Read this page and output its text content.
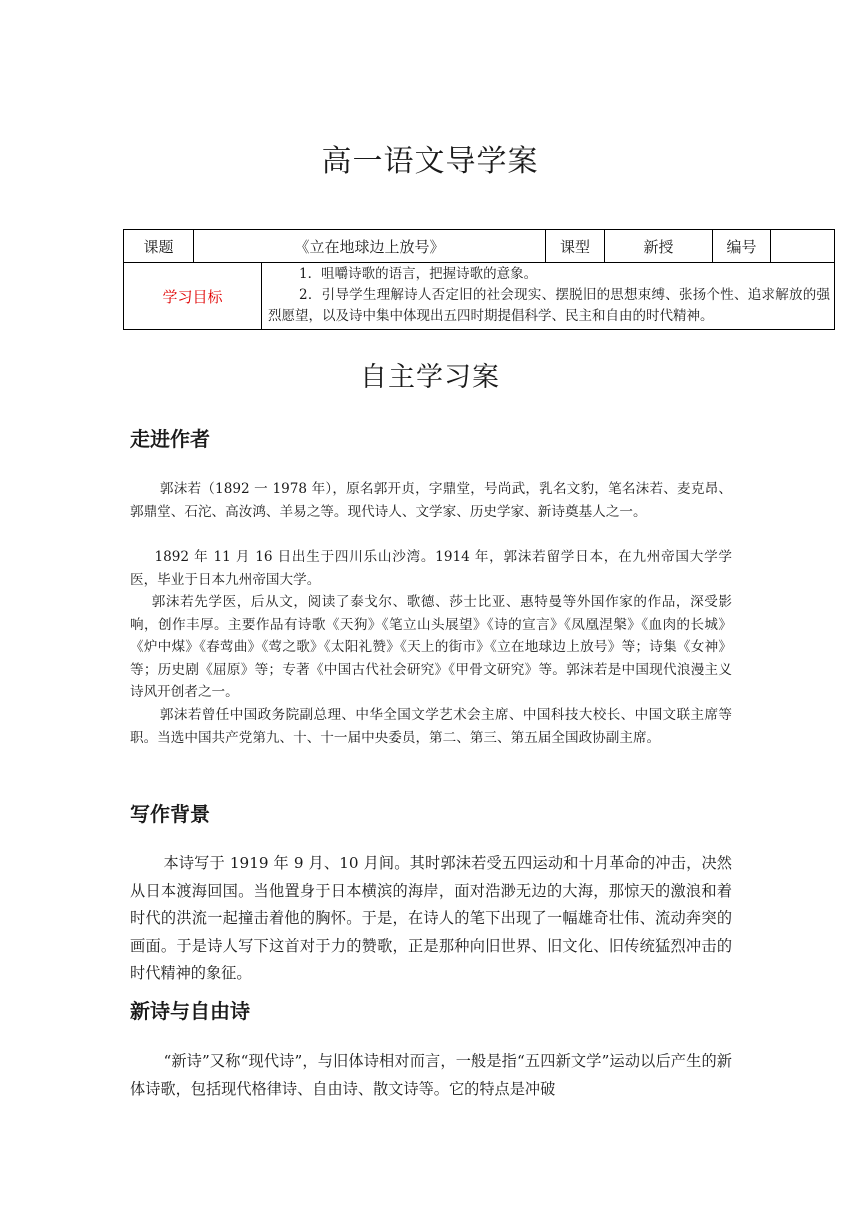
高一语文导学案
课题	《立在地球边上放号》		课型	新授	编号	
学习目标		1．咀嚼诗歌的语言，把握诗歌的意象。

2．引导学生理解诗人否定旧的社会现实、摆脱旧的思想束缚、张扬个性、追求解放的强烈愿望，以及诗中集中体现出五四时期提倡科学、民主和自由的时代精神。				

自主学习案
走进作者

郭沫若（1892 一 1978 年），原名郭开贞，字鼎堂，号尚武，乳名文豹，笔名沫若、麦克昂、郭鼎堂、石沱、高汝鸿、羊易之等。现代诗人、文学家、历史学家、新诗奠基人之一。

1892 年 11 月 16 日出生于四川乐山沙湾。1914 年，郭沫若留学日本，在九州帝国大学学医，毕业于日本九州帝国大学。

郭沫若先学医，后从文，阅读了泰戈尔、歌德、莎士比亚、惠特曼等外国作家的作品，深受影响，创作丰厚。主要作品有诗歌《天狗》《笔立山头展望》《诗的宣言》《凤凰涅槃》《血肉的长城》《炉中煤》《春莺曲》《莺之歌》《太阳礼赞》《天上的街市》《立在地球边上放号》等；诗集《女神》等；历史剧《屈原》等；专著《中国古代社会研究》《甲骨文研究》等。郭沫若是中国现代浪漫主义诗风开创者之一。

郭沫若曾任中国政务院副总理、中华全国文学艺术会主席、中国科技大校长、中国文联主席等职。当选中国共产党第九、十、十一届中央委员，第二、第三、第五届全国政协副主席。

写作背景

本诗写于 1919 年 9 月、10 月间。其时郭沫若受五四运动和十月革命的冲击，决然从日本渡海回国。当他置身于日本横滨的海岸，面对浩渺无边的大海，那惊天的激浪和着时代的洪流一起撞击着他的胸怀。于是，在诗人的笔下出现了一幅雄奇壮伟、流动奔突的画面。于是诗人写下这首对于力的赞歌，正是那种向旧世界、旧文化、旧传统猛烈冲击的时代精神的象征。

新诗与自由诗

“新诗”又称“现代诗”，与旧体诗相对而言，一般是指“五四新文学”运动以后产生的新体诗歌，包括现代格律诗、自由诗、散文诗等。它的特点是冲破
